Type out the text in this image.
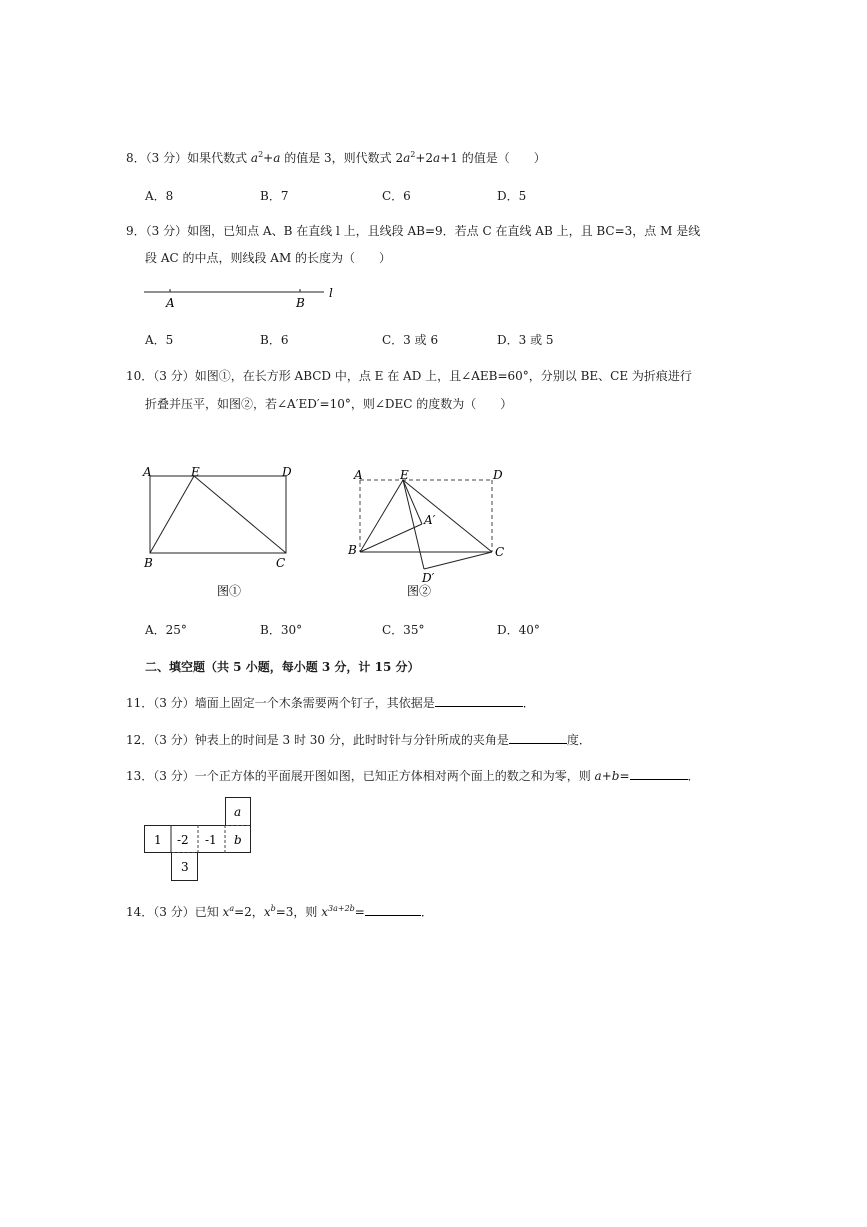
8．（3 分）如果代数式 $a^2+a$ 的值是 3，则代数式 $2a^2+2a+1$ 的值是（　　）
A．8	B．7	C．6	D．5
9．（3 分）如图，已知点 A、B 在直线 l 上，且线段 AB=9．若点 C 在直线 AB 上，且 BC=3，点 M 是线
段 AC 的中点，则线段 AM 的长度为（　　）
A	B
l
A．5	B．6	C．3 或 6	D．3 或 5
10．（3 分）如图①，在长方形 ABCD 中，点 E 在 AD 上，且∠AEB=60°，分别以 BE、CE 为折痕进行
折叠并压平，如图②，若∠A′ED′=10°，则∠DEC 的度数为（　　）
A	E	D
B	C
图①
A	E	D
B	C
A′
D′
图②
A．25°	B．30°	C．35°	D．40°
二、填空题（共 5 小题，每小题 3 分，计 15 分）
11．（3 分）墙面上固定一个木条需要两个钉子，其依据是	．
12．（3 分）钟表上的时间是 3 时 30 分，此时时针与分针所成的夹角是	度．
13．（3 分）一个正方体的平面展开图如图，已知正方体相对两个面上的数之和为零，则 a+b=	．
1 -2 -1 b
a
3
14．（3 分）已知 $x^a=2$，$x^b=3$，则 $x^{3a+2b}=$	．
